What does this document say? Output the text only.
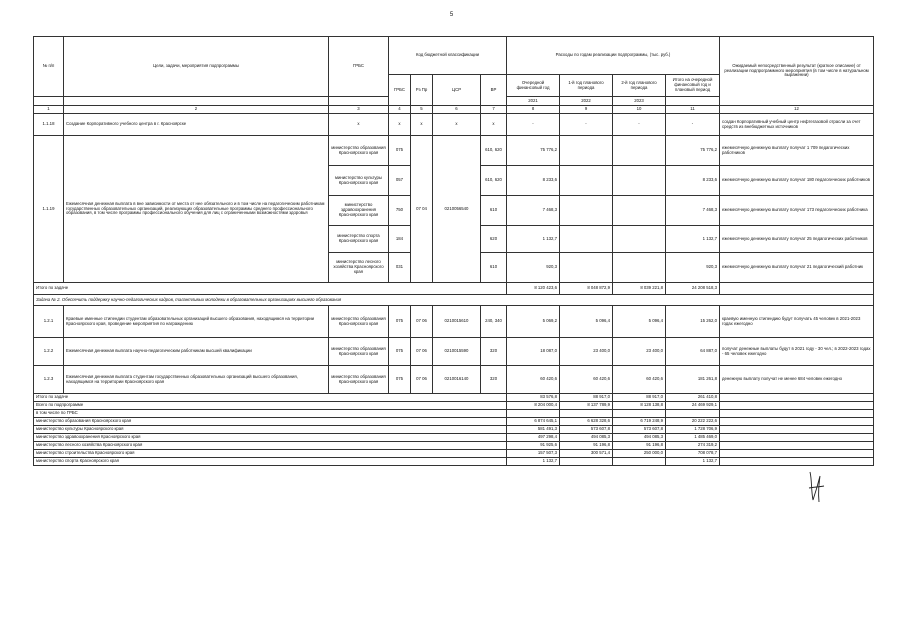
5
№ п/п	Цели, задачи, мероприятия подпрограммы	ГРБС	Код бюджетной классификации				Расходы по годам реализации подпрограммы, (тыс. руб.)				Ожидаемый непосредственный результат (краткое описание) от реализации подпрограммного мероприятия (в том числе в натуральном выражении)
			ГРБС	Рз Пр	ЦСР	ВР	Очередной финансовый год	1-й год планового периода	2-й год планового периода	Итого на очередной финансовый год и плановый период	
							2021	2022	2023		
1	2	3	4	5	6	7	8	9	10	11	12
1.1.18	Создание Корпоративного учебного центра в г. Красноярске	х	х	х	х	х	-	-	-	-	создан Корпоративный учебный центр нефтегазовой отрасли за счет средств из внебюджетных источников
1.1.19	Ежемесячная денежная выплата в вне зависимости от места от нее обязательного и в том числе на педагогическим работникам государственных образовательных организаций, реализующих образовательные программы среднего профессионального образования, в том числе программы профессионального обучения для лиц с ограниченными возможностями здоровья	министерство образования Красноярского края	075	07 04	0210056540	610, 620	75 776,2			75 776,2	ежемесячную денежную выплату получат 1 709 педагогических работников
		министерство культуры Красноярского края	057			610, 620	8 233,6			8 233,6	ежемесячную денежную выплату получат 180 педагогических работников
		министерство здравоохранения Красноярского края	750			610	7 468,3			7 468,3	ежемесячную денежную выплату получат 173 педагогических работника
		министерство спорта Красноярского края	184			620	1 132,7			1 132,7	ежемесячную денежную выплату получат 25 педагогических работников
		министерство лесного хозяйства Красноярского края	031			610	920,3			920,3	ежемесячную денежную выплату получат 21 педагогический работник
Итого по задаче							8 120 423,6	8 048 872,9	8 039 221,8	24 208 518,3	
Задача № 2. Обеспечить поддержку научно-педагогических кадров, талантливых молодежи в образовательных организациях высшего образования											
1.2.1	Краевые именные стипендии студентам образовательных организаций высшего образования, находящимся на территории Красноярского края, проведение мероприятия по награждению	министерство образования Красноярского края	075	07 06	0210015610	240, 340	5 069,2	5 096,4	5 096,4	15 262,0	краевую именную стипендию будут получать 45 человек в 2021-2023 годах ежегодно
1.2.2	Ежемесячная денежная выплата научно-педагогическим работникам высшей квалификации	министерство образования Красноярского края	075	07 06	0210015590	320	18 087,0	23 400,0	23 400,0	64 887,0	получат денежные выплаты будут в 2021 году - 30 чел.; в 2022-2023 годах - 65 человек ежегодно
1.2.3	Ежемесячная денежная выплата студентам государственных образовательных организаций высшего образования, находящимся на территории Красноярского края	министерство образования Красноярского края	075	07 06	0210016140	320	60 420,6	60 420,6	60 420,6	181 261,8	денежную выплату получат не менее 684 человек ежегодно
Итого по задаче							83 576,8	88 917,0	88 917,0	261 410,8	
Всего по подпрограмме							8 204 000,4	8 137 789,9	8 128 138,8	24 469 929,1	
в том числе по ГРБС											
министерство образования Красноярского края							6 874 645,1	6 628 328,6	6 719 248,9	20 222 222,6	
министерство культуры Красноярского края							581 491,3	573 607,8	573 607,8	1 728 706,9	
министерство здравоохранения Красноярского края							497 298,4	494 085,3	494 085,3	1 485 469,0	
министерство лесного хозяйства Красноярского края							91 925,6	91 196,8	91 196,8	274 319,2	
министерство строительства Красноярского края							157 507,3	300 571,4	250 000,0	708 078,7	
министерство спорта Красноярского края							1 132,7			1 132,7	
